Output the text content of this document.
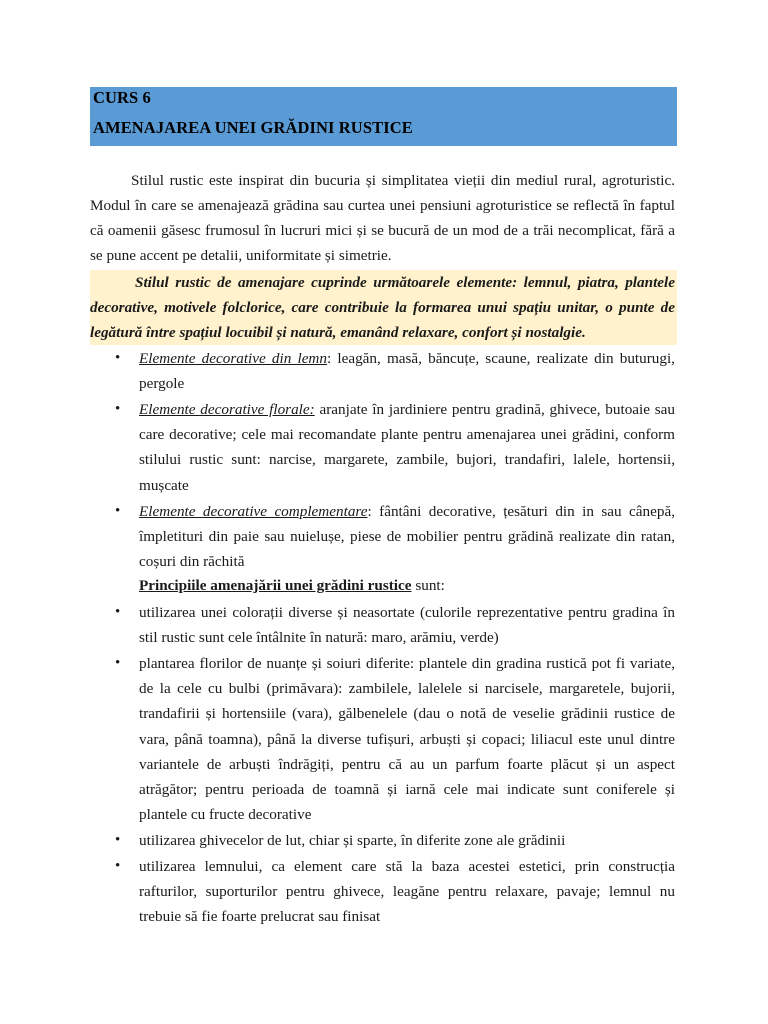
CURS 6
AMENAJAREA UNEI GRĂDINI RUSTICE
Stilul rustic este inspirat din bucuria și simplitatea vieții din mediul rural, agroturistic. Modul în care se amenajează grădina sau curtea unei pensiuni agroturistice se reflectă în faptul că oamenii găsesc frumosul în lucruri mici și se bucură de un mod de a trăi necomplicat, fără a se pune accent pe detalii, uniformitate și simetrie.
Stilul rustic de amenajare cuprinde următoarele elemente: lemnul, piatra, plantele decorative, motivele folclorice, care contribuie la formarea unui spațiu unitar, o punte de legătură între spațiul locuibil și natură, emanând relaxare, confort și nostalgie.
• Elemente decorative din lemn: leagăn, masă, băncuțe, scaune, realizate din buturugi, pergole
• Elemente decorative florale: aranjate în jardiniere pentru gradină, ghivece, butoaie sau care decorative; cele mai recomandate plante pentru amenajarea unei grădini, conform stilului rustic sunt: narcise, margarete, zambile, bujori, trandafiri, lalele, hortensii, mușcate
• Elemente decorative complementare: fântâni decorative, țesături din in sau cânepă, împletituri din paie sau nuielușe, piese de mobilier pentru grădină realizate din ratan, coșuri din răchită
Principiile amenajării unei grădini rustice sunt:
• utilizarea unei colorații diverse și neasortate (culorile reprezentative pentru gradina în stil rustic sunt cele întâlnite în natură: maro, arămiu, verde)
• plantarea florilor de nuanțe și soiuri diferite: plantele din gradina rustică pot fi variate, de la cele cu bulbi (primăvara): zambilele, lalelele si narcisele, margaretele, bujorii, trandafirii și hortensiile (vara), gălbenelele (dau o notă de veselie grădinii rustice de vara, până toamna), până la diverse tufișuri, arbuști și copaci; liliacul este unul dintre variantele de arbuști îndrăgiți, pentru că au un parfum foarte plăcut și un aspect atrăgător; pentru perioada de toamnă și iarnă cele mai indicate sunt coniferele și plantele cu fructe decorative
• utilizarea ghivecelor de lut, chiar și sparte, în diferite zone ale grădinii
• utilizarea lemnului, ca element care stă la baza acestei estetici, prin construcția rafturilor, suporturilor pentru ghivece, leagăne pentru relaxare, pavaje; lemnul nu trebuie să fie foarte prelucrat sau finisat
